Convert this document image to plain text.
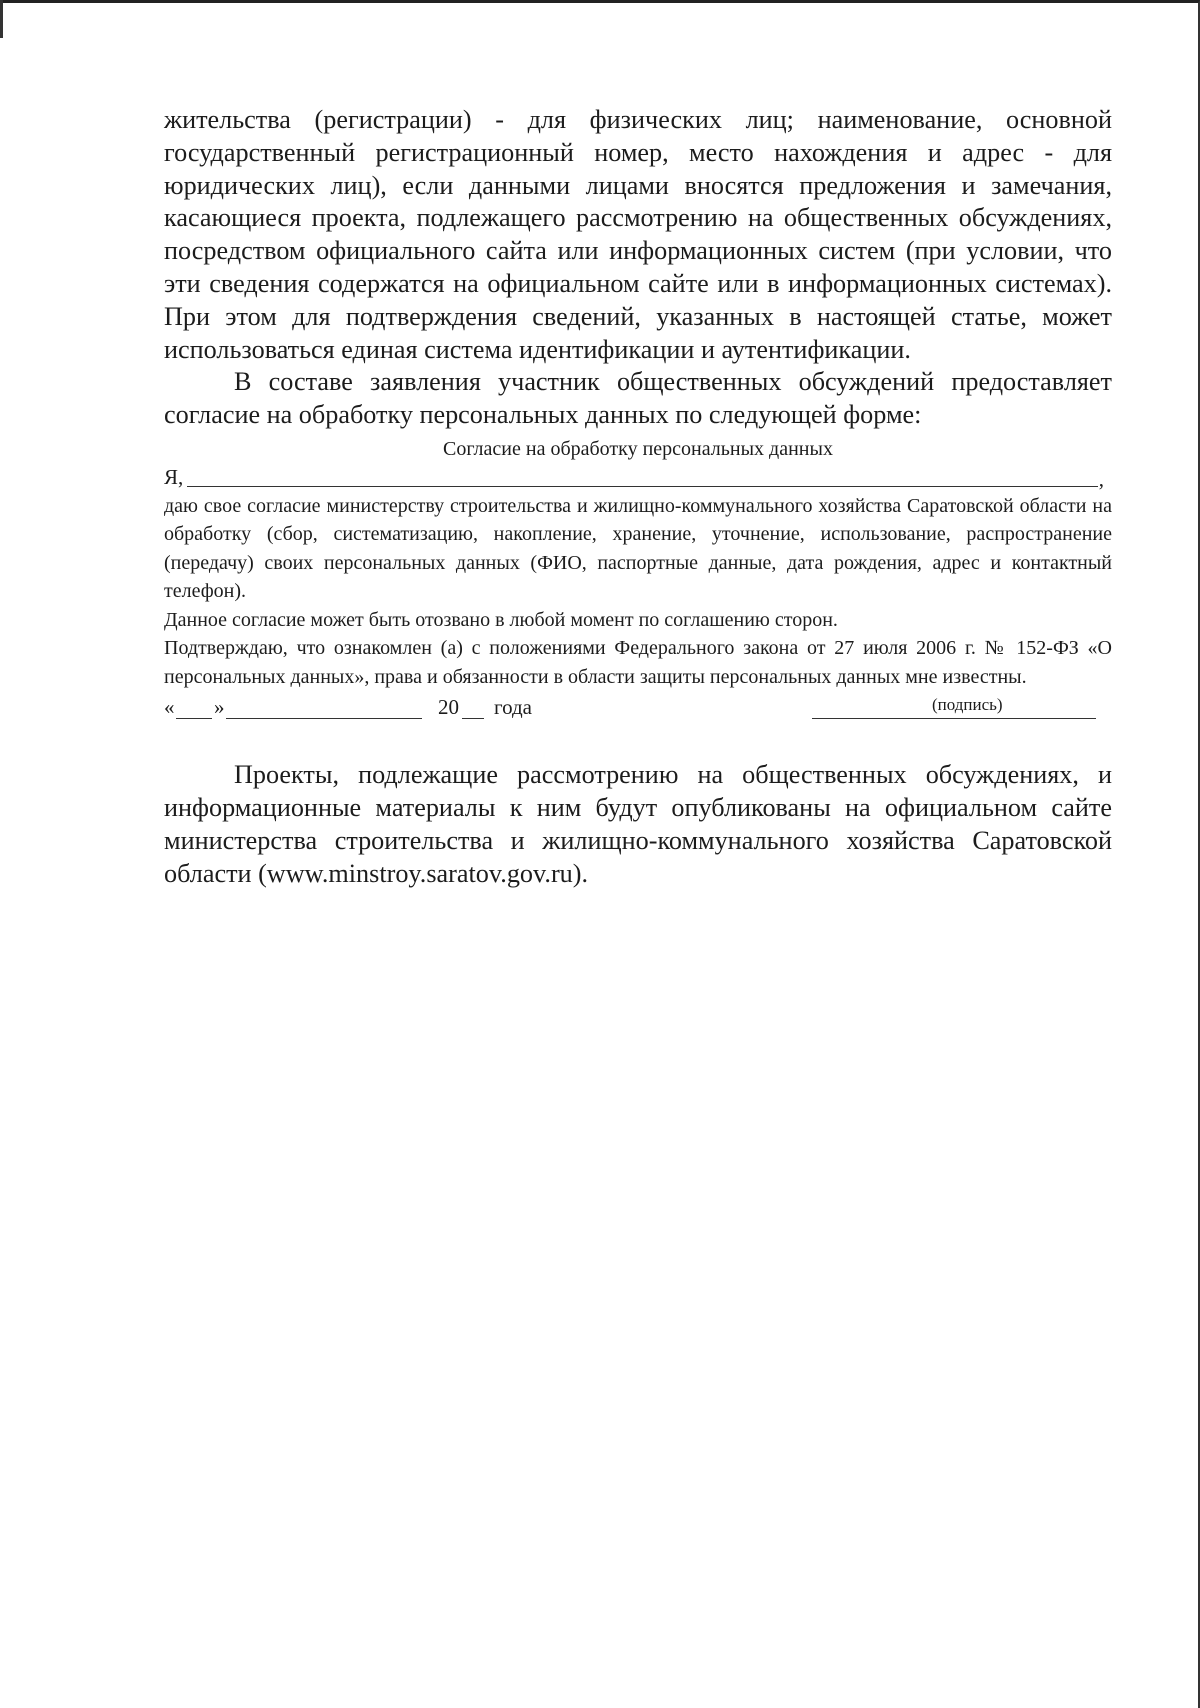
жительства (регистрации) - для физических лиц; наименование, основной государственный регистрационный номер, место нахождения и адрес - для юридических лиц), если данными лицами вносятся предложения и замечания, касающиеся проекта, подлежащего рассмотрению на общественных обсуждениях, посредством официального сайта или информационных систем (при условии, что эти сведения содержатся на официальном сайте или в информационных системах). При этом для подтверждения сведений, указанных в настоящей статье, может использоваться единая система идентификации и аутентификации.

В составе заявления участник общественных обсуждений предоставляет согласие на обработку персональных данных по следующей форме:

Согласие на обработку персональных данных

Я,	,

даю свое согласие министерству строительства и жилищно-коммунального хозяйства Саратовской области на обработку (сбор, систематизацию, накопление, хранение, уточнение, использование, распространение (передачу) своих персональных данных (ФИО, паспортные данные, дата рождения, адрес и контактный телефон).

Данное согласие может быть отозвано в любой момент по соглашению сторон.

Подтверждаю, что ознакомлен (а) с положениями Федерального закона от 27 июля 2006 г. № 152-ФЗ «О персональных данных», права и обязанности в области защиты персональных данных мне известны.

« »	20 года	(подпись)

Проекты, подлежащие рассмотрению на общественных обсуждениях, и информационные материалы к ним будут опубликованы на официальном сайте министерства строительства и жилищно-коммунального хозяйства Саратовской области (www.minstroy.saratov.gov.ru).
